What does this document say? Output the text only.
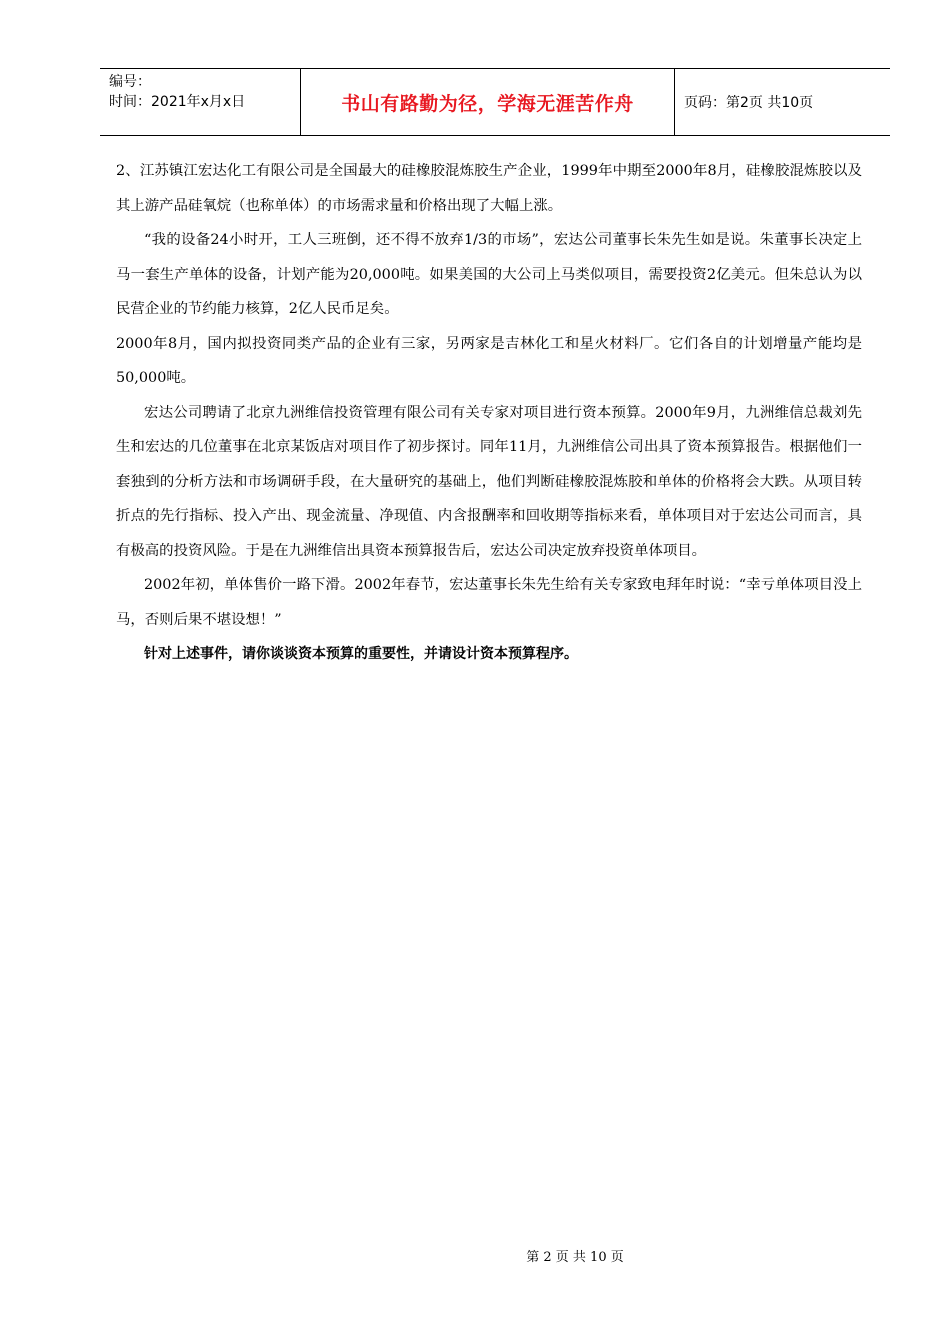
编号：
时间：2021年x月x日	书山有路勤为径，学海无涯苦作舟	页码：第2页 共10页

2、江苏镇江宏达化工有限公司是全国最大的硅橡胶混炼胶生产企业，1999年中期至2000年8月，硅橡胶混炼胶以及其上游产品硅氧烷（也称单体）的市场需求量和价格出现了大幅上涨。

“我的设备24小时开，工人三班倒，还不得不放弃1/3的市场”，宏达公司董事长朱先生如是说。朱董事长决定上马一套生产单体的设备，计划产能为20,000吨。如果美国的大公司上马类似项目，需要投资2亿美元。但朱总认为以民营企业的节约能力核算，2亿人民币足矣。

2000年8月，国内拟投资同类产品的企业有三家，另两家是吉林化工和星火材料厂。它们各自的计划增量产能均是50,000吨。

宏达公司聘请了北京九洲维信投资管理有限公司有关专家对项目进行资本预算。2000年9月，九洲维信总裁刘先生和宏达的几位董事在北京某饭店对项目作了初步探讨。同年11月，九洲维信公司出具了资本预算报告。根据他们一套独到的分析方法和市场调研手段，在大量研究的基础上，他们判断硅橡胶混炼胶和单体的价格将会大跌。从项目转折点的先行指标、投入产出、现金流量、净现值、内含报酬率和回收期等指标来看，单体项目对于宏达公司而言，具有极高的投资风险。于是在九洲维信出具资本预算报告后，宏达公司决定放弃投资单体项目。

2002年初，单体售价一路下滑。2002年春节，宏达董事长朱先生给有关专家致电拜年时说：“幸亏单体项目没上马，否则后果不堪设想！”

针对上述事件，请你谈谈资本预算的重要性，并请设计资本预算程序。

第 2 页 共 10 页
